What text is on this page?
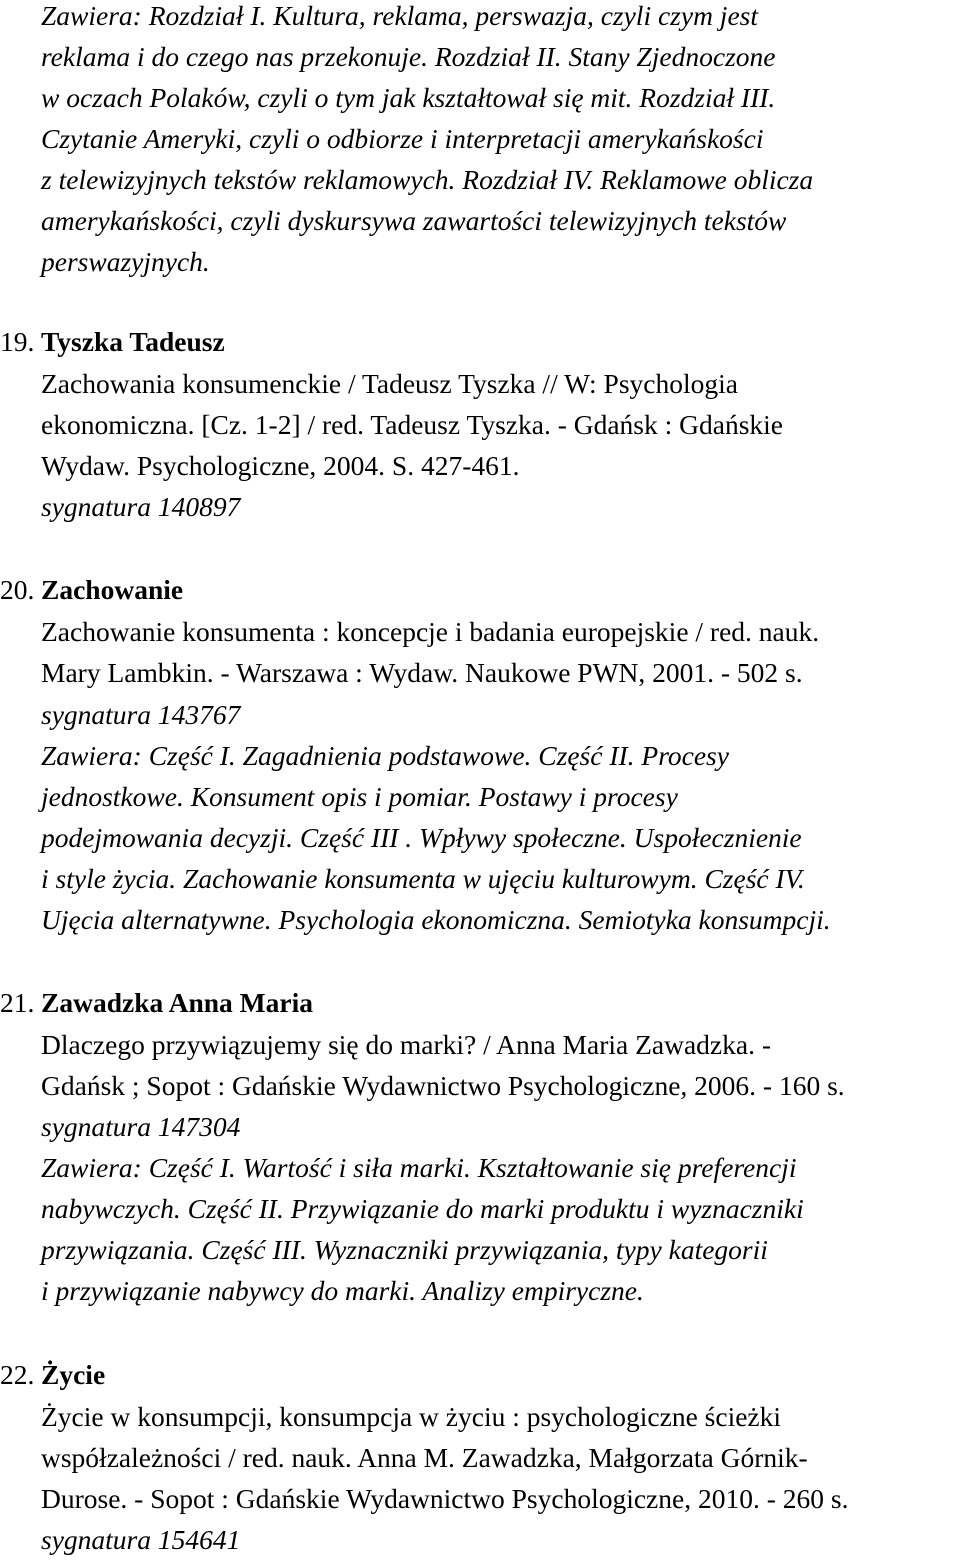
Zawiera: Rozdział I. Kultura, reklama, perswazja, czyli czym jest
reklama i do czego nas przekonuje. Rozdział II. Stany Zjednoczone
w oczach Polaków, czyli o tym jak kształtował się mit. Rozdział III.
Czytanie Ameryki, czyli o odbiorze i interpretacji amerykańskości
z telewizyjnych tekstów reklamowych. Rozdział IV. Reklamowe oblicza
amerykańskości, czyli dyskursywa zawartości telewizyjnych tekstów
perswazyjnych.
19. Tyszka Tadeusz
Zachowania konsumenckie / Tadeusz Tyszka // W: Psychologia
ekonomiczna. [Cz. 1-2] / red. Tadeusz Tyszka. - Gdańsk : Gdańskie
Wydaw. Psychologiczne, 2004. S. 427-461.
sygnatura 140897
20. Zachowanie
Zachowanie konsumenta : koncepcje i badania europejskie / red. nauk.
Mary Lambkin. - Warszawa : Wydaw. Naukowe PWN, 2001. - 502 s.
sygnatura 143767
Zawiera: Część I. Zagadnienia podstawowe. Część II. Procesy
jednostkowe. Konsument opis i pomiar. Postawy i procesy
podejmowania decyzji. Część III . Wpływy społeczne. Uspołecznienie
i style życia. Zachowanie konsumenta w ujęciu kulturowym. Część IV.
Ujęcia alternatywne. Psychologia ekonomiczna. Semiotyka konsumpcji.
21. Zawadzka Anna Maria
Dlaczego przywiązujemy się do marki? / Anna Maria Zawadzka. -
Gdańsk ; Sopot : Gdańskie Wydawnictwo Psychologiczne, 2006. - 160 s.
sygnatura 147304
Zawiera: Część I. Wartość i siła marki. Kształtowanie się preferencji
nabywczych. Część II. Przywiązanie do marki produktu i wyznaczniki
przywiązania. Część III. Wyznaczniki przywiązania, typy kategorii
i przywiązanie nabywcy do marki. Analizy empiryczne.
22. Życie
Życie w konsumpcji, konsumpcja w życiu : psychologiczne ścieżki
współzależności / red. nauk. Anna M. Zawadzka, Małgorzata Górnik-
Durose. - Sopot : Gdańskie Wydawnictwo Psychologiczne, 2010. - 260 s.
sygnatura 154641
